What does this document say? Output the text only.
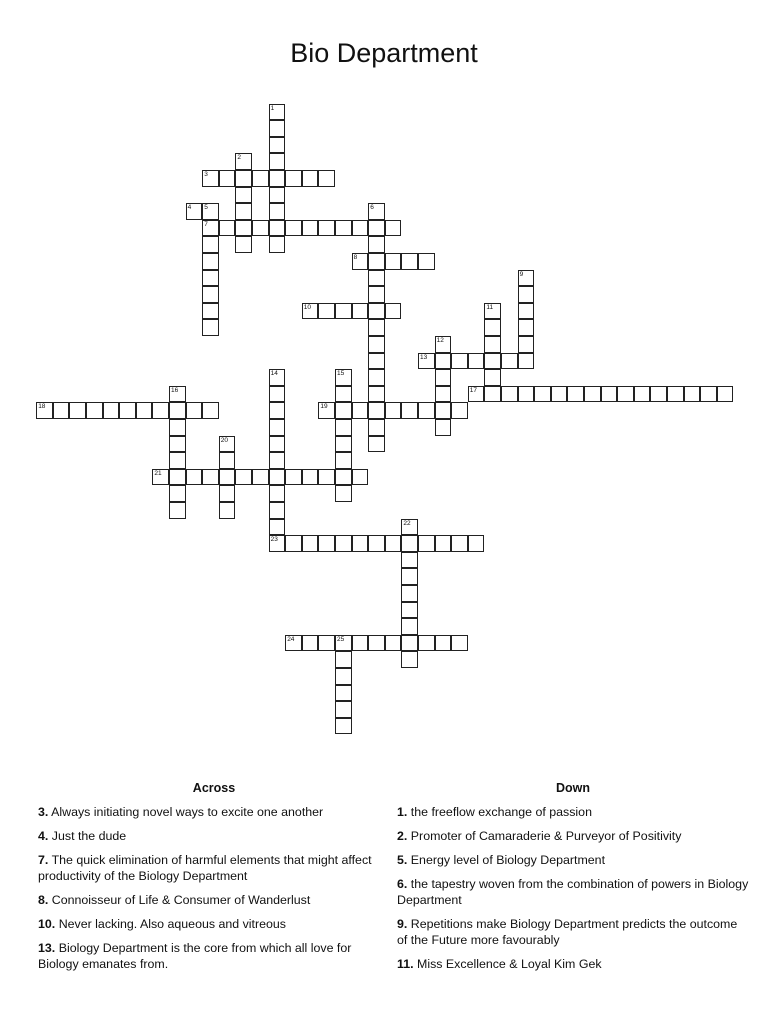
Bio Department
1
2
3
4 5
7
6
8
9
10	11
12
13
14	15
16	17
18	19
20
21
22
23
24	25
Across
3. Always initiating novel ways to excite one another
4. Just the dude
7. The quick elimination of harmful elements that might affect productivity of the Biology Department
8. Connoisseur of Life & Consumer of Wanderlust
10. Never lacking. Also aqueous and vitreous
13. Biology Department is the core from which all love for Biology emanates from.
Down
1. the freeflow exchange of passion
2. Promoter of Camaraderie & Purveyor of Positivity
5. Energy level of Biology Department
6. the tapestry woven from the combination of powers in Biology Department
9. Repetitions make Biology Department predicts the outcome of the Future more favourably
11. Miss Excellence & Loyal Kim Gek
